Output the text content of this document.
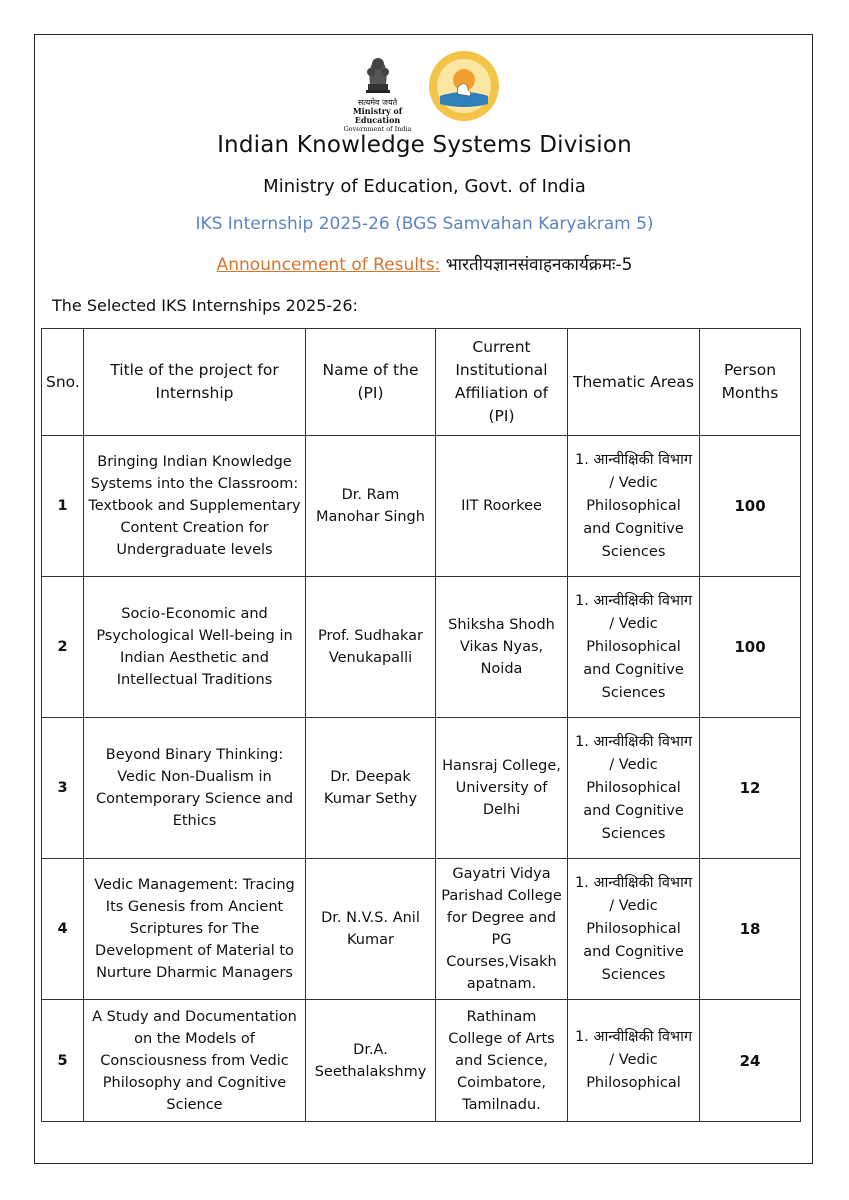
सत्यमेव जयते
Ministry of Education
Government of India
Indian Knowledge Systems Division
Ministry of Education, Govt. of India
IKS Internship 2025-26 (BGS Samvahan Karyakram 5)
Announcement of Results: भारतीयज्ञानसंवाहनकार्यक्रमः-5
The Selected IKS Internships 2025-26:
Sno.	Title of the project for Internship	Name of the (PI)	Current Institutional Affiliation of (PI)	Thematic Areas	Person Months
1	Bringing Indian Knowledge Systems into the Classroom: Textbook and Supplementary Content Creation for Undergraduate levels	Dr. Ram Manohar Singh	IIT Roorkee	1. आन्वीक्षिकी विभाग / Vedic Philosophical and Cognitive Sciences	100
2	Socio-Economic and Psychological Well-being in Indian Aesthetic and Intellectual Traditions	Prof. Sudhakar Venukapalli	Shiksha Shodh Vikas Nyas, Noida	1. आन्वीक्षिकी विभाग / Vedic Philosophical and Cognitive Sciences	100
3	Beyond Binary Thinking: Vedic Non-Dualism in Contemporary Science and Ethics	Dr. Deepak Kumar Sethy	Hansraj College, University of Delhi	1. आन्वीक्षिकी विभाग / Vedic Philosophical and Cognitive Sciences	12
4	Vedic Management: Tracing Its Genesis from Ancient Scriptures for The Development of Material to Nurture Dharmic Managers	Dr. N.V.S. Anil Kumar	Gayatri Vidya Parishad College for Degree and PG Courses,Visakh apatnam.	1. आन्वीक्षिकी विभाग / Vedic Philosophical and Cognitive Sciences	18
5	A Study and Documentation on the Models of Consciousness from Vedic Philosophy and Cognitive Science	Dr.A. Seethalakshmy	Rathinam College of Arts and Science, Coimbatore, Tamilnadu.	1. आन्वीक्षिकी विभाग / Vedic Philosophical	24
